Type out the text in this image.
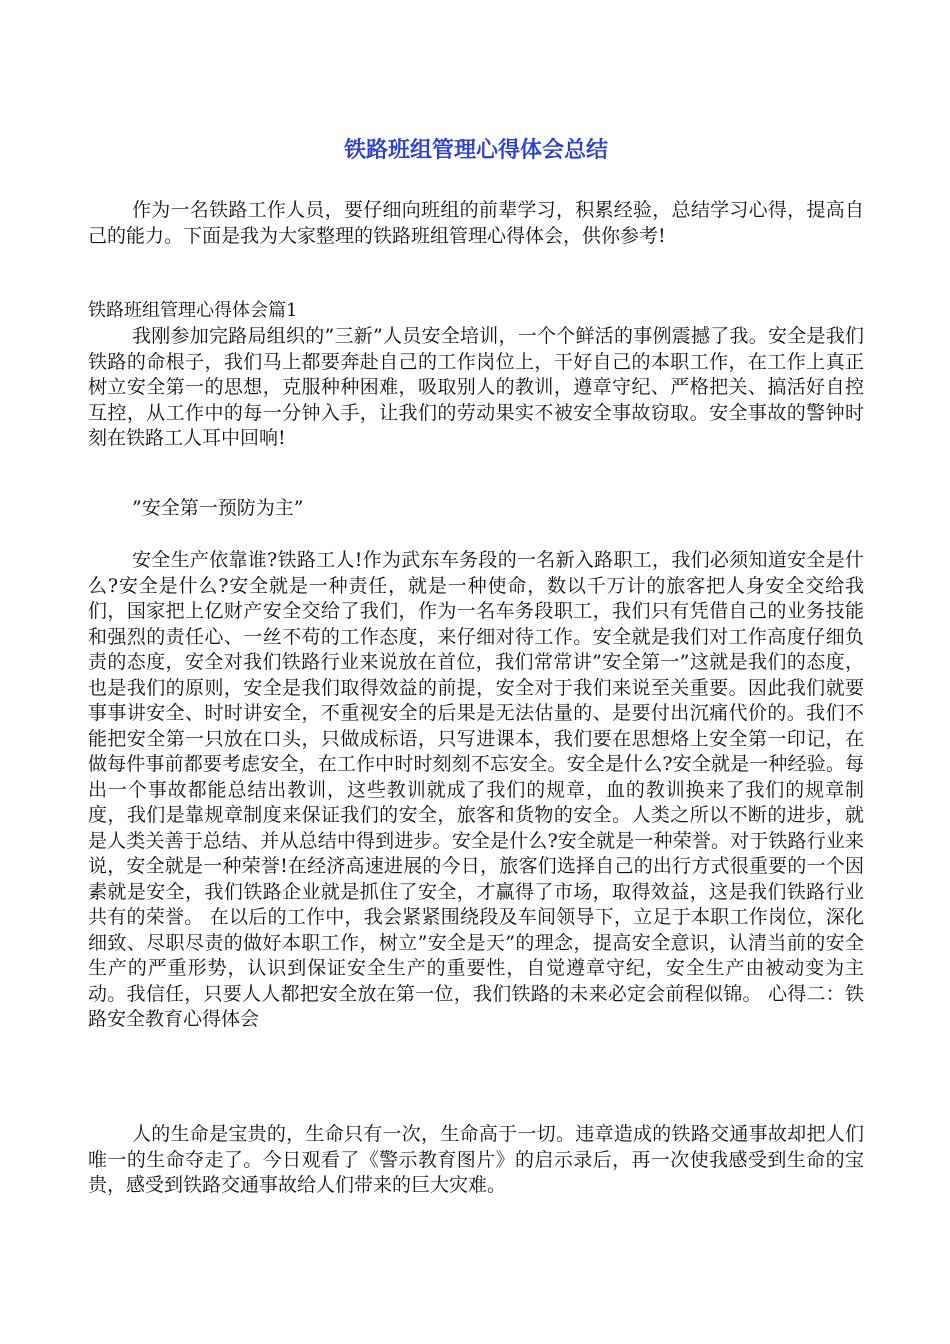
铁路班组管理心得体会总结

作为一名铁路工作人员，要仔细向班组的前辈学习，积累经验，总结学习心得，提高自己的能力。下面是我为大家整理的铁路班组管理心得体会，供你参考!

铁路班组管理心得体会篇1

我刚参加完路局组织的”三新”人员安全培训，一个个鲜活的事例震撼了我。安全是我们铁路的命根子，我们马上都要奔赴自己的工作岗位上，干好自己的本职工作，在工作上真正树立安全第一的思想，克服种种困难，吸取别人的教训，遵章守纪、严格把关、搞活好自控互控，从工作中的每一分钟入手，让我们的劳动果实不被安全事故窃取。安全事故的警钟时刻在铁路工人耳中回响!

”安全第一预防为主”

安全生产依靠谁?铁路工人!作为武东车务段的一名新入路职工，我们必须知道安全是什么?安全是什么?安全就是一种责任，就是一种使命，数以千万计的旅客把人身安全交给我们，国家把上亿财产安全交给了我们，作为一名车务段职工，我们只有凭借自己的业务技能和强烈的责任心、一丝不苟的工作态度，来仔细对待工作。安全就是我们对工作高度仔细负责的态度，安全对我们铁路行业来说放在首位，我们常常讲”安全第一”这就是我们的态度，也是我们的原则，安全是我们取得效益的前提，安全对于我们来说至关重要。因此我们就要事事讲安全、时时讲安全，不重视安全的后果是无法估量的、是要付出沉痛代价的。我们不能把安全第一只放在口头，只做成标语，只写进课本，我们要在思想烙上安全第一印记，在做每件事前都要考虑安全，在工作中时时刻刻不忘安全。安全是什么?安全就是一种经验。每出一个事故都能总结出教训，这些教训就成了我们的规章，血的教训换来了我们的规章制度，我们是靠规章制度来保证我们的安全，旅客和货物的安全。人类之所以不断的进步，就是人类关善于总结、并从总结中得到进步。安全是什么?安全就是一种荣誉。对于铁路行业来说，安全就是一种荣誉!在经济高速进展的今日，旅客们选择自己的出行方式很重要的一个因素就是安全，我们铁路企业就是抓住了安全，才赢得了市场，取得效益，这是我们铁路行业共有的荣誉。 在以后的工作中，我会紧紧围绕段及车间领导下，立足于本职工作岗位，深化细致、尽职尽责的做好本职工作，树立”安全是天”的理念，提高安全意识，认清当前的安全生产的严重形势，认识到保证安全生产的重要性，自觉遵章守纪，安全生产由被动变为主动。我信任，只要人人都把安全放在第一位，我们铁路的未来必定会前程似锦。 心得二：铁路安全教育心得体会

人的生命是宝贵的，生命只有一次，生命高于一切。违章造成的铁路交通事故却把人们唯一的生命夺走了。今日观看了《警示教育图片》的启示录后，再一次使我感受到生命的宝贵，感受到铁路交通事故给人们带来的巨大灾难。
